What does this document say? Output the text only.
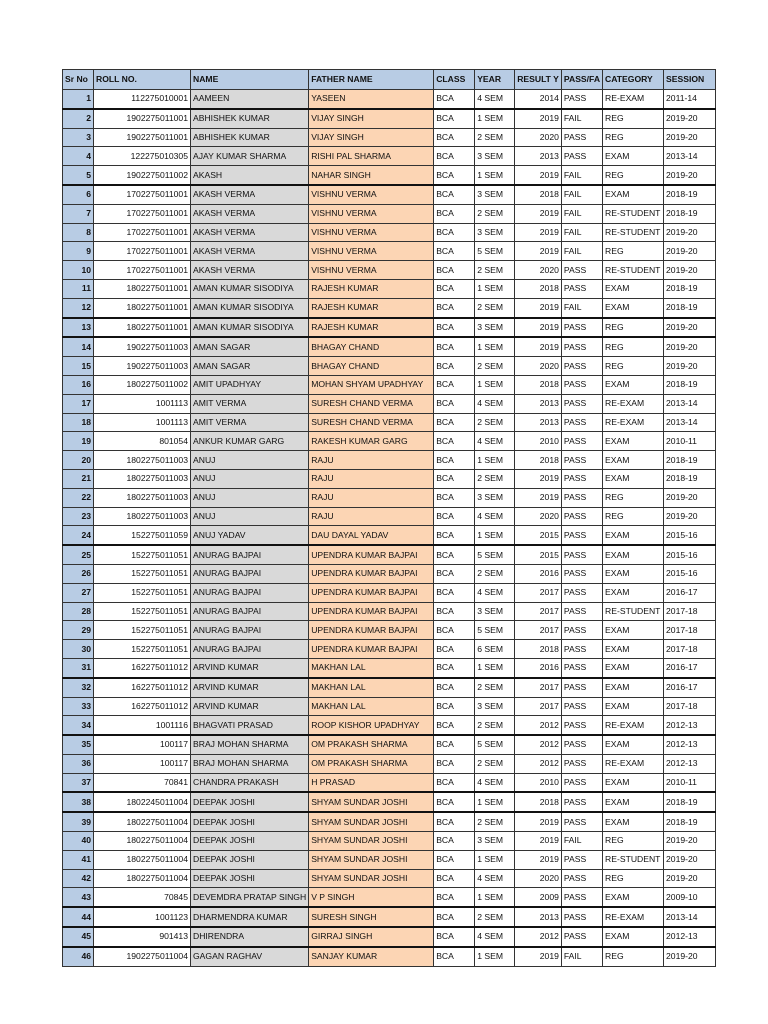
Sr No	ROLL NO.	NAME	FATHER NAME	CLASS	YEAR	RESULT Y	PASS/FA	CATEGORY	SESSION
1	112275010001	AAMEEN	YASEEN	BCA	4 SEM	2014	PASS	RE-EXAM	2011-14
2	1902275011001	ABHISHEK KUMAR	VIJAY SINGH	BCA	1 SEM	2019	FAIL	REG	2019-20
3	1902275011001	ABHISHEK KUMAR	VIJAY SINGH	BCA	2 SEM	2020	PASS	REG	2019-20
4	122275010305	AJAY KUMAR SHARMA	RISHI PAL SHARMA	BCA	3 SEM	2013	PASS	EXAM	2013-14
5	1902275011002	AKASH	NAHAR SINGH	BCA	1 SEM	2019	FAIL	REG	2019-20
6	1702275011001	AKASH VERMA	VISHNU VERMA	BCA	3 SEM	2018	FAIL	EXAM	2018-19
7	1702275011001	AKASH VERMA	VISHNU VERMA	BCA	2 SEM	2019	FAIL	RE-STUDENT	2018-19
8	1702275011001	AKASH VERMA	VISHNU VERMA	BCA	3 SEM	2019	FAIL	RE-STUDENT	2019-20
9	1702275011001	AKASH VERMA	VISHNU VERMA	BCA	5 SEM	2019	FAIL	REG	2019-20
10	1702275011001	AKASH VERMA	VISHNU VERMA	BCA	2 SEM	2020	PASS	RE-STUDENT	2019-20
11	1802275011001	AMAN KUMAR SISODIYA	RAJESH KUMAR	BCA	1 SEM	2018	PASS	EXAM	2018-19
12	1802275011001	AMAN KUMAR SISODIYA	RAJESH KUMAR	BCA	2 SEM	2019	FAIL	EXAM	2018-19
13	1802275011001	AMAN KUMAR SISODIYA	RAJESH KUMAR	BCA	3 SEM	2019	PASS	REG	2019-20
14	1902275011003	AMAN SAGAR	BHAGAY CHAND	BCA	1 SEM	2019	PASS	REG	2019-20
15	1902275011003	AMAN SAGAR	BHAGAY CHAND	BCA	2 SEM	2020	PASS	REG	2019-20
16	1802275011002	AMIT UPADHYAY	MOHAN SHYAM UPADHYAY	BCA	1 SEM	2018	PASS	EXAM	2018-19
17	1001113	AMIT VERMA	SURESH CHAND VERMA	BCA	4 SEM	2013	PASS	RE-EXAM	2013-14
18	1001113	AMIT VERMA	SURESH CHAND VERMA	BCA	2 SEM	2013	PASS	RE-EXAM	2013-14
19	801054	ANKUR KUMAR GARG	RAKESH KUMAR GARG	BCA	4 SEM	2010	PASS	EXAM	2010-11
20	1802275011003	ANUJ	RAJU	BCA	1 SEM	2018	PASS	EXAM	2018-19
21	1802275011003	ANUJ	RAJU	BCA	2 SEM	2019	PASS	EXAM	2018-19
22	1802275011003	ANUJ	RAJU	BCA	3 SEM	2019	PASS	REG	2019-20
23	1802275011003	ANUJ	RAJU	BCA	4 SEM	2020	PASS	REG	2019-20
24	152275011059	ANUJ YADAV	DAU DAYAL YADAV	BCA	1 SEM	2015	PASS	EXAM	2015-16
25	152275011051	ANURAG BAJPAI	UPENDRA KUMAR BAJPAI	BCA	5 SEM	2015	PASS	EXAM	2015-16
26	152275011051	ANURAG BAJPAI	UPENDRA KUMAR BAJPAI	BCA	2 SEM	2016	PASS	EXAM	2015-16
27	152275011051	ANURAG BAJPAI	UPENDRA KUMAR BAJPAI	BCA	4 SEM	2017	PASS	EXAM	2016-17
28	152275011051	ANURAG BAJPAI	UPENDRA KUMAR BAJPAI	BCA	3 SEM	2017	PASS	RE-STUDENT	2017-18
29	152275011051	ANURAG BAJPAI	UPENDRA KUMAR BAJPAI	BCA	5 SEM	2017	PASS	EXAM	2017-18
30	152275011051	ANURAG BAJPAI	UPENDRA KUMAR BAJPAI	BCA	6 SEM	2018	PASS	EXAM	2017-18
31	162275011012	ARVIND KUMAR	MAKHAN LAL	BCA	1 SEM	2016	PASS	EXAM	2016-17
32	162275011012	ARVIND KUMAR	MAKHAN LAL	BCA	2 SEM	2017	PASS	EXAM	2016-17
33	162275011012	ARVIND KUMAR	MAKHAN LAL	BCA	3 SEM	2017	PASS	EXAM	2017-18
34	1001116	BHAGVATI PRASAD	ROOP KISHOR UPADHYAY	BCA	2 SEM	2012	PASS	RE-EXAM	2012-13
35	100117	BRAJ MOHAN SHARMA	OM PRAKASH SHARMA	BCA	5 SEM	2012	PASS	EXAM	2012-13
36	100117	BRAJ MOHAN SHARMA	OM PRAKASH SHARMA	BCA	2 SEM	2012	PASS	RE-EXAM	2012-13
37	70841	CHANDRA PRAKASH	H PRASAD	BCA	4 SEM	2010	PASS	EXAM	2010-11
38	1802245011004	DEEPAK JOSHI	SHYAM SUNDAR JOSHI	BCA	1 SEM	2018	PASS	EXAM	2018-19
39	1802275011004	DEEPAK JOSHI	SHYAM SUNDAR JOSHI	BCA	2 SEM	2019	PASS	EXAM	2018-19
40	1802275011004	DEEPAK JOSHI	SHYAM SUNDAR JOSHI	BCA	3 SEM	2019	FAIL	REG	2019-20
41	1802275011004	DEEPAK JOSHI	SHYAM SUNDAR JOSHI	BCA	1 SEM	2019	PASS	RE-STUDENT	2019-20
42	1802275011004	DEEPAK JOSHI	SHYAM SUNDAR JOSHI	BCA	4 SEM	2020	PASS	REG	2019-20
43	70845	DEVEMDRA PRATAP SINGH	V P SINGH	BCA	1 SEM	2009	PASS	EXAM	2009-10
44	1001123	DHARMENDRA KUMAR	SURESH SINGH	BCA	2 SEM	2013	PASS	RE-EXAM	2013-14
45	901413	DHIRENDRA	GIRRAJ SINGH	BCA	4 SEM	2012	PASS	EXAM	2012-13
46	1902275011004	GAGAN RAGHAV	SANJAY KUMAR	BCA	1 SEM	2019	FAIL	REG	2019-20
